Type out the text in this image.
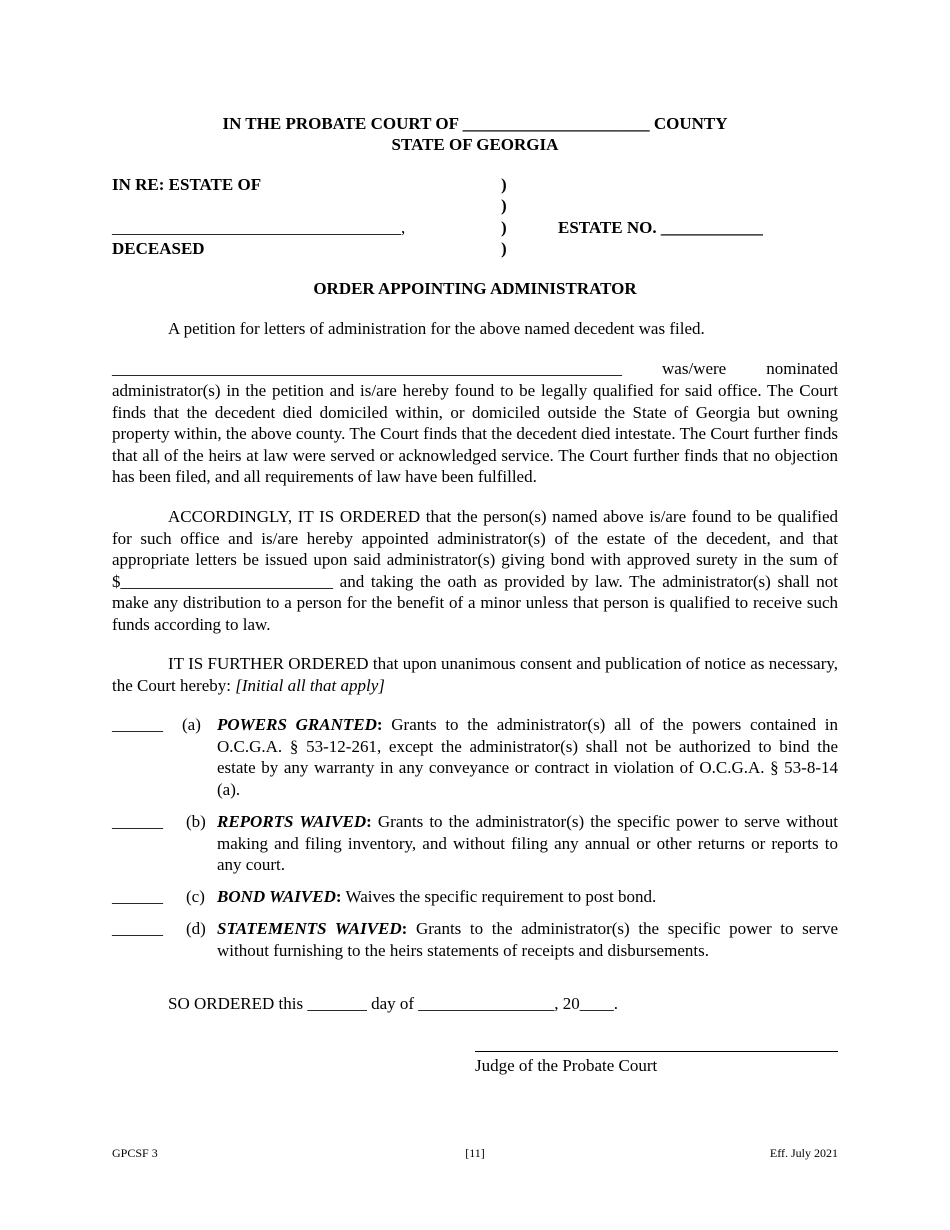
IN THE PROBATE COURT OF ______________________ COUNTY
STATE OF GEORGIA
IN RE: ESTATE OF
__________________________________,
DECEASED
)
)
)
)
ESTATE NO. ____________
ORDER APPOINTING ADMINISTRATOR
A petition for letters of administration for the above named decedent was filed.
____________________________________________________________ was/were nominated
administrator(s) in the petition and is/are hereby found to be legally qualified for said office. The Court finds that the decedent died domiciled within, or domiciled outside the State of Georgia but owning property within, the above county. The Court finds that the decedent died intestate. The Court further finds that all of the heirs at law were served or acknowledged service. The Court further finds that no objection has been filed, and all requirements of law have been fulfilled.
ACCORDINGLY, IT IS ORDERED that the person(s) named above is/are found to be qualified for such office and is/are hereby appointed administrator(s) of the estate of the decedent, and that appropriate letters be issued upon said administrator(s) giving bond with approved surety in the sum of $_________________________ and taking the oath as provided by law. The administrator(s) shall not make any distribution to a person for the benefit of a minor unless that person is qualified to receive such funds according to law.
IT IS FURTHER ORDERED that upon unanimous consent and publication of notice as necessary, the Court hereby: [Initial all that apply]
______ (a) POWERS GRANTED: Grants to the administrator(s) all of the powers contained in O.C.G.A. § 53-12-261, except the administrator(s) shall not be authorized to bind the estate by any warranty in any conveyance or contract in violation of O.C.G.A. § 53-8-14 (a).
______ (b) REPORTS WAIVED: Grants to the administrator(s) the specific power to serve without making and filing inventory, and without filing any annual or other returns or reports to any court.
______ (c) BOND WAIVED: Waives the specific requirement to post bond.
______ (d) STATEMENTS WAIVED: Grants to the administrator(s) the specific power to serve without furnishing to the heirs statements of receipts and disbursements.
SO ORDERED this _______ day of ________________, 20____.
Judge of the Probate Court
GPCSF 3	[11]	Eff. July 2021
